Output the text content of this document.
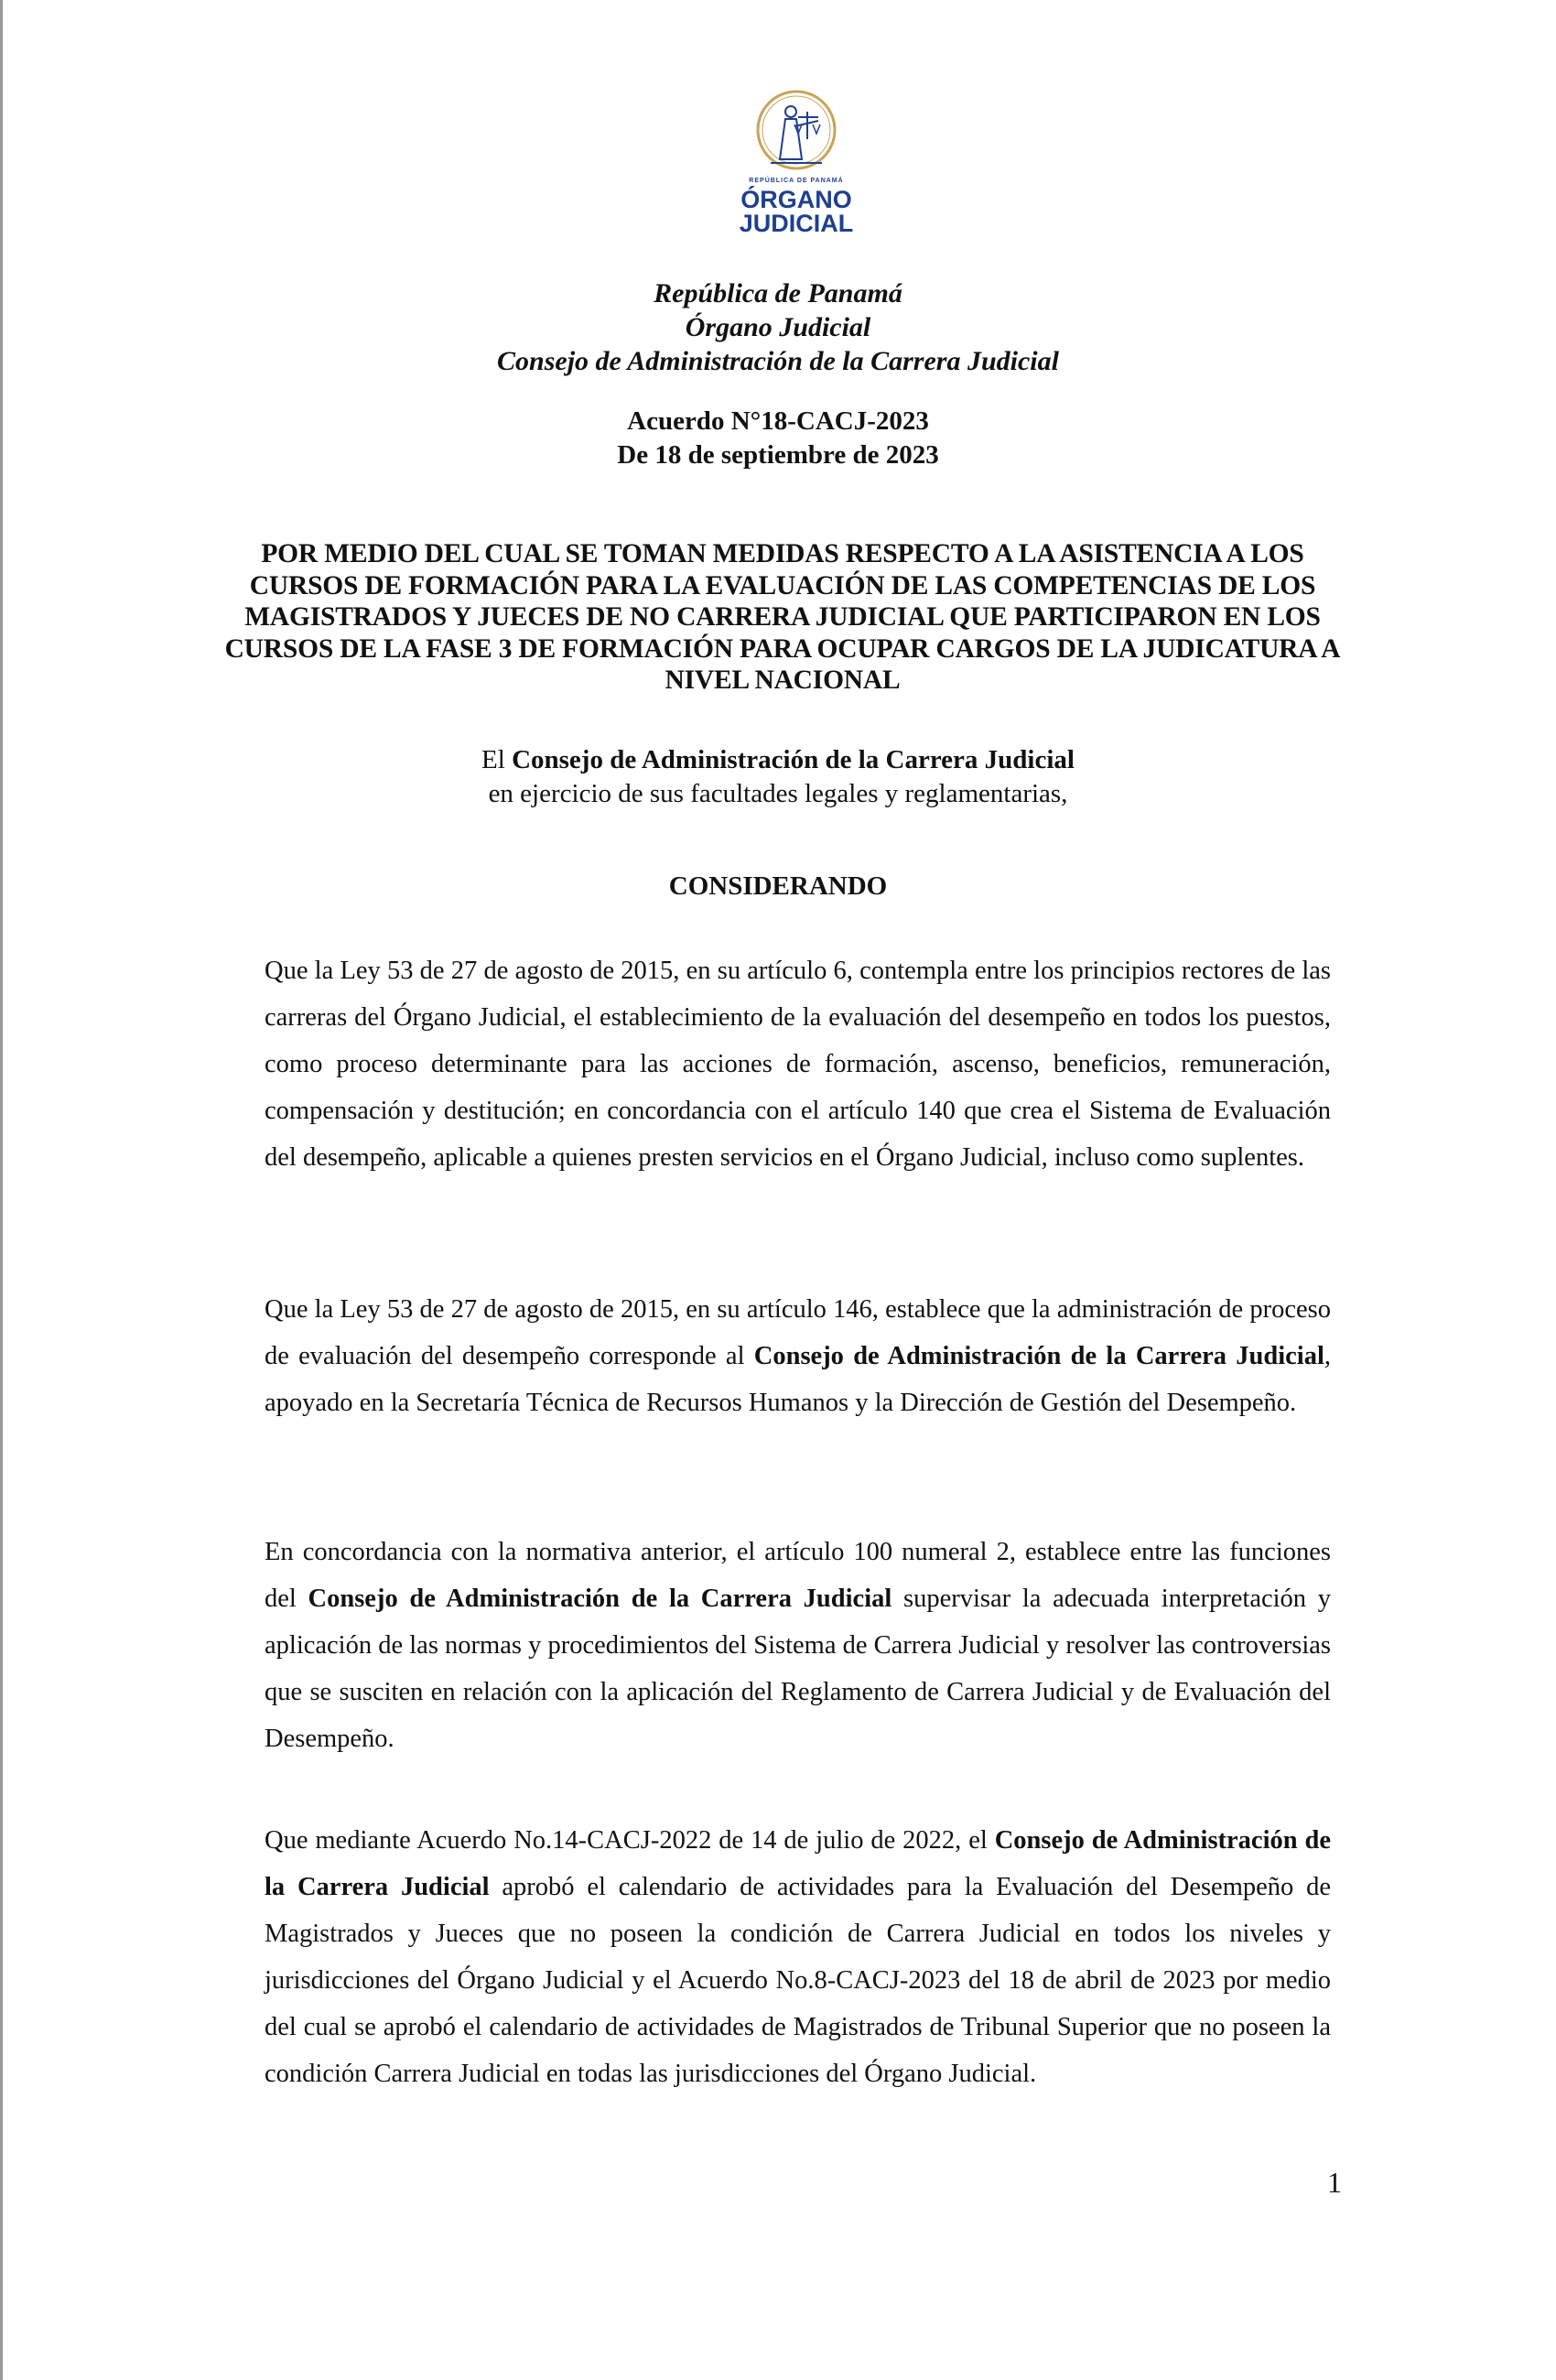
REPÚBLICA DE PANAMÁ
ÓRGANO
JUDICIAL

República de Panamá

Órgano Judicial

Consejo de Administración de la Carrera Judicial

Acuerdo N°18-CACJ-2023

De 18 de septiembre de 2023

POR MEDIO DEL CUAL SE TOMAN MEDIDAS RESPECTO A LA ASISTENCIA A LOS CURSOS DE FORMACIÓN PARA LA EVALUACIÓN DE LAS COMPETENCIAS DE LOS MAGISTRADOS Y JUECES DE NO CARRERA JUDICIAL QUE PARTICIPARON EN LOS CURSOS DE LA FASE 3 DE FORMACIÓN PARA OCUPAR CARGOS DE LA JUDICATURA A NIVEL NACIONAL

El Consejo de Administración de la Carrera Judicial

en ejercicio de sus facultades legales y reglamentarias,

CONSIDERANDO

Que la Ley 53 de 27 de agosto de 2015, en su artículo 6, contempla entre los principios rectores de las carreras del Órgano Judicial, el establecimiento de la evaluación del desempeño en todos los puestos, como proceso determinante para las acciones de formación, ascenso, beneficios, remuneración, compensación y destitución; en concordancia con el artículo 140 que crea el Sistema de Evaluación del desempeño, aplicable a quienes presten servicios en el Órgano Judicial, incluso como suplentes.

Que la Ley 53 de 27 de agosto de 2015, en su artículo 146, establece que la administración de proceso de evaluación del desempeño corresponde al Consejo de Administración de la Carrera Judicial, apoyado en la Secretaría Técnica de Recursos Humanos y la Dirección de Gestión del Desempeño.

En concordancia con la normativa anterior, el artículo 100 numeral 2, establece entre las funciones del Consejo de Administración de la Carrera Judicial supervisar la adecuada interpretación y aplicación de las normas y procedimientos del Sistema de Carrera Judicial y resolver las controversias que se susciten en relación con la aplicación del Reglamento de Carrera Judicial y de Evaluación del Desempeño.

Que mediante Acuerdo No.14-CACJ-2022 de 14 de julio de 2022, el Consejo de Administración de la Carrera Judicial aprobó el calendario de actividades para la Evaluación del Desempeño de Magistrados y Jueces que no poseen la condición de Carrera Judicial en todos los niveles y jurisdicciones del Órgano Judicial y el Acuerdo No.8-CACJ-2023 del 18 de abril de 2023 por medio del cual se aprobó el calendario de actividades de Magistrados de Tribunal Superior que no poseen la condición Carrera Judicial en todas las jurisdicciones del Órgano Judicial.

1
